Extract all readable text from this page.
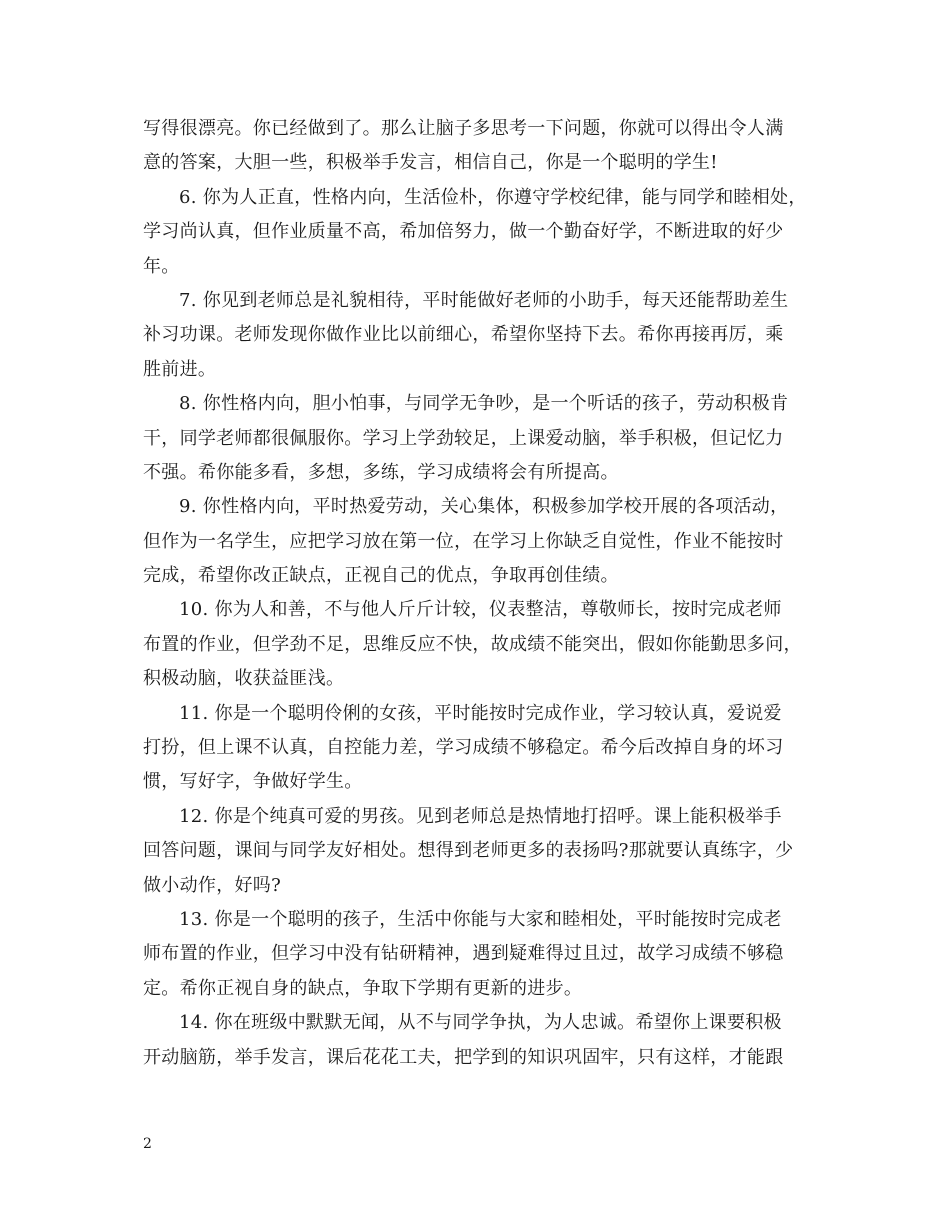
写得很漂亮。你已经做到了。那么让脑子多思考一下问题，你就可以得出令人满
意的答案，大胆一些，积极举手发言，相信自己，你是一个聪明的学生!
6. 你为人正直，性格内向，生活俭朴，你遵守学校纪律，能与同学和睦相处，
学习尚认真，但作业质量不高，希加倍努力，做一个勤奋好学，不断进取的好少
年。
7. 你见到老师总是礼貌相待，平时能做好老师的小助手，每天还能帮助差生
补习功课。老师发现你做作业比以前细心，希望你坚持下去。希你再接再厉，乘
胜前进。
8. 你性格内向，胆小怕事，与同学无争吵，是一个听话的孩子，劳动积极肯
干，同学老师都很佩服你。学习上学劲较足，上课爱动脑，举手积极，但记忆力
不强。希你能多看，多想，多练，学习成绩将会有所提高。
9. 你性格内向，平时热爱劳动，关心集体，积极参加学校开展的各项活动，
但作为一名学生，应把学习放在第一位，在学习上你缺乏自觉性，作业不能按时
完成，希望你改正缺点，正视自己的优点，争取再创佳绩。
10. 你为人和善，不与他人斤斤计较，仪表整洁，尊敬师长，按时完成老师
布置的作业，但学劲不足，思维反应不快，故成绩不能突出，假如你能勤思多问，
积极动脑，收获益匪浅。
11. 你是一个聪明伶俐的女孩，平时能按时完成作业，学习较认真，爱说爱
打扮，但上课不认真，自控能力差，学习成绩不够稳定。希今后改掉自身的坏习
惯，写好字，争做好学生。
12. 你是个纯真可爱的男孩。见到老师总是热情地打招呼。课上能积极举手
回答问题，课间与同学友好相处。想得到老师更多的表扬吗?那就要认真练字，少
做小动作，好吗?
13. 你是一个聪明的孩子，生活中你能与大家和睦相处，平时能按时完成老
师布置的作业，但学习中没有钻研精神，遇到疑难得过且过，故学习成绩不够稳
定。希你正视自身的缺点，争取下学期有更新的进步。
14. 你在班级中默默无闻，从不与同学争执，为人忠诚。希望你上课要积极
开动脑筋，举手发言，课后花花工夫，把学到的知识巩固牢，只有这样，才能跟
2
